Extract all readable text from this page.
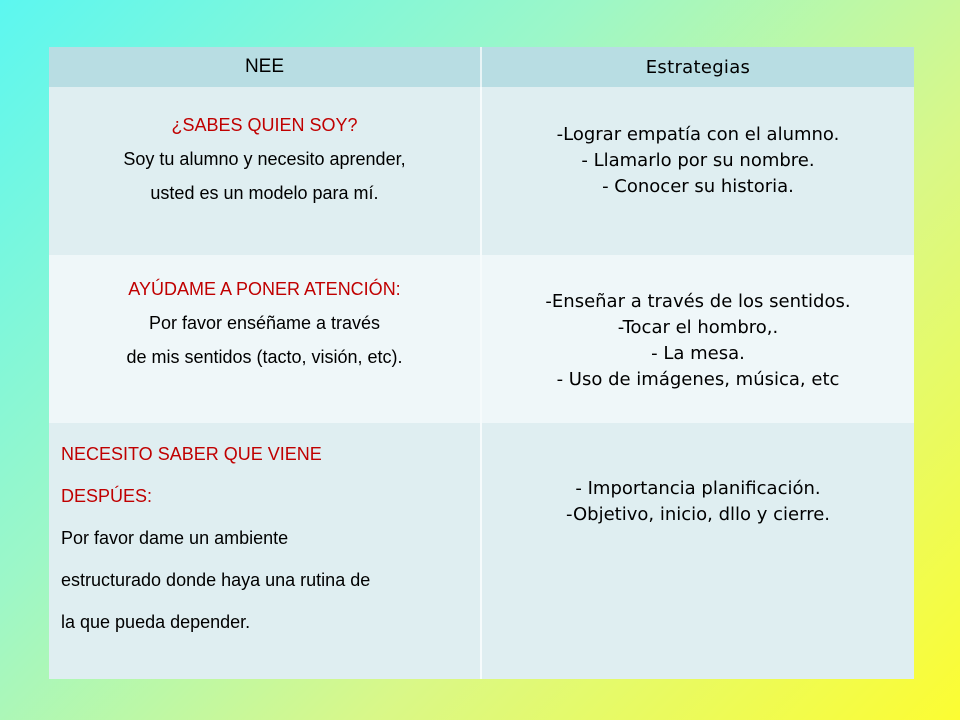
NEE	Estrategias

¿SABES QUIEN SOY?
Soy tu alumno y necesito aprender,
usted es un modelo para mí.	-Lograr empatía con el alumno.
- Llamarlo por su nombre.
- Conocer su historia.

AYÚDAME A PONER ATENCIÓN:
Por favor enséñame a través
de mis sentidos (tacto, visión, etc).	-Enseñar a través de los sentidos.
-Tocar el hombro,.
- La mesa.
- Uso de imágenes, música, etc

NECESITO SABER QUE VIENE
DESPÚES:
Por favor dame un ambiente
estructurado donde haya una rutina de
la que pueda depender.	- Importancia planificación.
-Objetivo, inicio, dllo y cierre.
